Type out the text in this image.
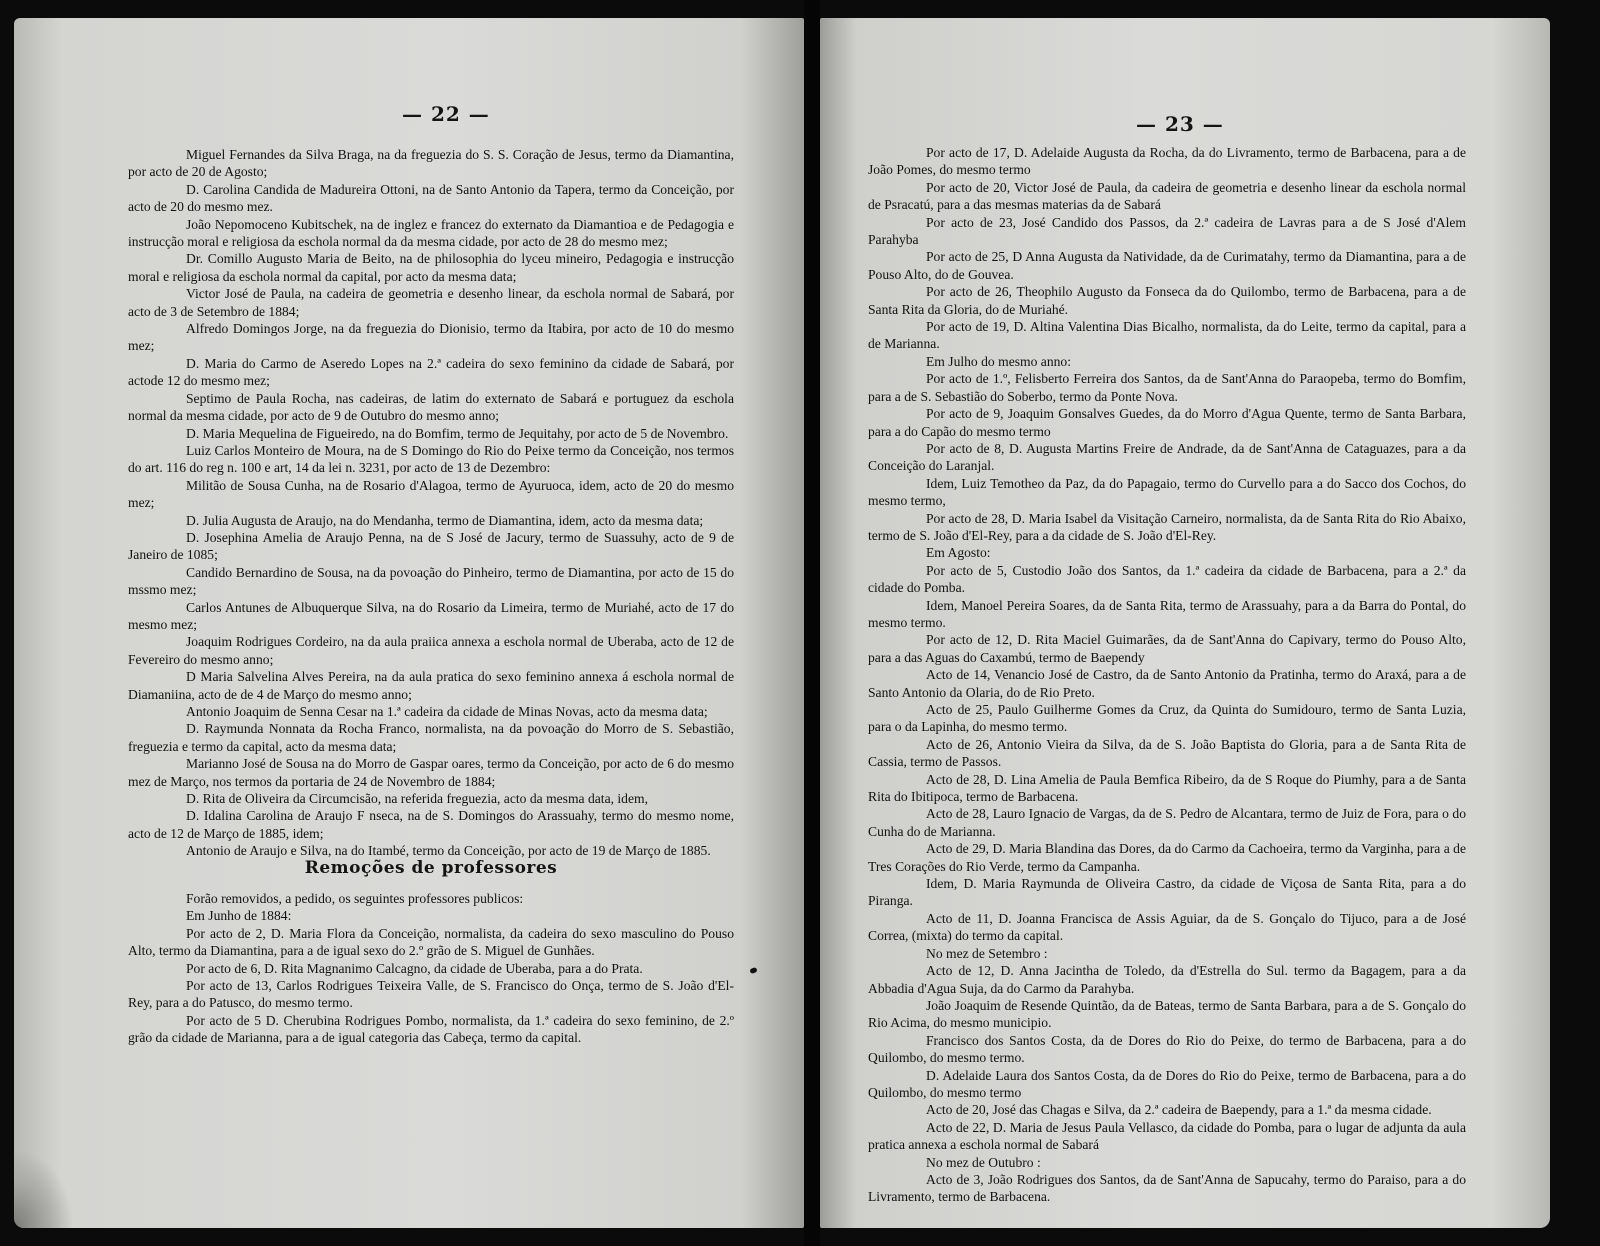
— 22 —

Miguel Fernandes da Silva Braga, na da freguezia do S. S. Coração de Jesus, termo da Diamantina, por acto de 20 de Agosto;

D. Carolina Candida de Madureira Ottoni, na de Santo Antonio da Tapera, termo da Conceição, por acto de 20 do mesmo mez.

João Nepomoceno Kubitschek, na de inglez e francez do externato da Diamantioa e de Pedagogia e instrucção moral e religiosa da escholа normal da da mesma cidade, por acto de 28 do mesmo mez;

Dr. Comillo Augusto Maria de Beito, na de philosophia do lyceu mineiro, Pedagogia e instrucção moral e religiosa da eschola normal da capital, por acto da mesma data;

Victor José de Paula, na cadeira de geometria e desenho linear, da eschola normal de Sabará, por acto de 3 de Setembro de 1884;

Alfredo Domingos Jorge, na da freguezia do Dionisio, termo da Itabira, por acto de 10 do mesmo mez;

D. Maria do Carmo de Aseredo Lopes na 2.ª cadeira do sexo feminino da cidade de Sabará, por actode 12 do mesmo mez;

Septimo de Paula Rocha, nas cadeiras, de latim do externato de Sabará e portuguez da eschola normal da mesma cidade, por acto de 9 de Outubro do mesmo anno;

D. Maria Mequelina de Figueiredo, na do Bomfim, termo de Jequitahy, por acto de 5 de Novembro.

Luiz Carlos Monteiro de Moura, na de S Domingo do Rio do Peixe termo da Conceição, nos termos do art. 116 do reg n. 100 e art, 14 da lei n. 3231, por acto de 13 de Dezembro:

Militão de Sousa Cunha, na de Rosario d'Alagoa, termo de Ayuruoca, idem, acto de 20 do mesmo mez;

D. Julia Augusta de Araujo, na do Mendanha, termo de Diamantina, idem, acto da mesma data;

D. Josephina Amelia de Araujo Penna, na de S José de Jacury, termo de Suassuhy, acto de 9 de Janeiro de 1085;

Candido Bernardino de Sousa, na da povoação do Pinheiro, termo de Diamantina, por acto de 15 do mssmo mez;

Carlos Antunes de Albuquerque Silva, na do Rosario da Limeira, termo de Muriahé, acto de 17 do mesmo mez;

Joaquim Rodrigues Cordeiro, na da aula praiica annexa a eschola normal de Uberaba, acto de 12 de Fevereiro do mesmo anno;

D Maria Salvelina Alves Pereira, na da aula pratica do sexo feminino annexa á eschola normal de Diamaniina, acto de de 4 de Março do mesmo anno;

Antonio Joaquim de Senna Cesar na 1.ª cadeira da cidade de Minas Novas, acto da mesma data;

D. Raymunda Nonnata da Rocha Franco, normalista, na da povoação do Morro de S. Sebastião, freguezia e termo da capital, acto da mesma data;

Marianno José de Sousa na do Morro de Gaspar oares, termo da Conceição, por acto de 6 do mesmo mez de Março, nos termos da portaria de 24 de Novembro de 1884;

D. Rita de Oliveira da Circumcisão, na referida freguezia, acto da mesma data, idem,

D. Idalina Carolina de Araujo F nseca, na de S. Domingos do Arassuahy, termo do mesmo nome, acto de 12 de Março de 1885, idem;

Antonio de Araujo e Silva, na do Itambé, termo da Conceição, por acto de 19 de Março de 1885.

Remoções de professores

Forão removidos, a pedido, os seguintes professores publicos:

Em Junho de 1884:

Por acto de 2, D. Maria Flora da Conceição, normalista, da cadeira do sexo masculino do Pouso Alto, termo da Diamantina, para a de igual sexo do 2.º grão de S. Miguel de Gunhães.

Por acto de 6, D. Rita Magnanimo Calcagno, da cidade de Uberaba, para a do Prata.

Por acto de 13, Carlos Rodrigues Teixeira Valle, de S. Francisco do Onça, termo de S. João d'El-Rey, para a do Patusco, do mesmo termo.

Por acto de 5 D. Cherubina Rodrigues Pombo, normalista, da 1.ª cadeira do sexo feminino, de 2.º grão da cidade de Marianna, para a de igual categoria das Cabeça, termo da capital.

— 23 —

Por acto de 17, D. Adelaide Augusta da Rocha, da do Livramento, termo de Barbacena, para a de João Pomes, do mesmo termo

Por acto de 20, Victor José de Paula, da cadeira de geometria e desenho linear da eschola normal de Psracatú, para a das mesmas materias da de Sabará

Por acto de 23, José Candido dos Passos, da 2.ª cadeira de Lavras para a de S José d'Alem Parahyba

Por acto de 25, D Anna Augusta da Natividade, da de Curimatahy, termo da Diamantina, para a de Pouso Alto, do de Gouvea.

Por acto de 26, Theophilo Augusto da Fonseca da do Quilombo, termo de Barbacena, para a de Santa Rita da Gloria, do de Muriahé.

Por acto de 19, D. Altina Valentina Dias Bicalho, normalista, da do Leite, termo da capital, para a de Marianna.

Em Julho do mesmo anno:

Por acto de 1.º, Felisberto Ferreira dos Santos, da de Sant'Anna do Paraopeba, termo do Bomfim, para a de S. Sebastião do Soberbo, termo da Ponte Nova.

Por acto de 9, Joaquim Gonsalves Guedes, da do Morro d'Agua Quente, termo de Santa Barbara, para a do Capão do mesmo termo

Por acto de 8, D. Augusta Martins Freire de Andrade, da de Sant'Anna de Cataguazes, para a da Conceição do Laranjal.

Idem, Luiz Temotheo da Paz, da do Papagaio, termo do Curvello para a do Sacco dos Cochos, do mesmo termo,

Por acto de 28, D. Maria Isabel da Visitação Carneiro, normalista, da de Santa Rita do Rio Abaixo, termo de S. João d'El-Rey, para a da cidade de S. João d'El-Rey.

Em Agosto:

Por acto de 5, Custodio João dos Santos, da 1.ª cadeira da cidade de Barbacena, para a 2.ª da cidade do Pomba.

Idem, Manoel Pereira Soares, da de Santa Rita, termo de Arassuahy, para a da Barra do Pontal, do mesmo termo.

Por acto de 12, D. Rita Maciel Guimarães, da de Sant'Anna do Capivary, termo do Pouso Alto, para a das Aguas do Caxambú, termo de Baependy

Acto de 14, Venancio José de Castro, da de Santo Antonio da Pratinha, termo do Araxá, para a de Santo Antonio da Olaria, do de Rio Preto.

Acto de 25, Paulo Guilherme Gomes da Cruz, da Quinta do Sumidouro, termo de Santa Luzia, para o da Lapinha, do mesmo termo.

Acto de 26, Antonio Vieira da Silva, da de S. João Baptista do Gloria, para a de Santa Rita de Cassia, termo de Passos.

Acto de 28, D. Lina Amelia de Paula Bemfica Ribeiro, da de S Roque do Piumhy, para a de Santa Rita do Ibitipoca, termo de Barbacena.

Acto de 28, Lauro Ignacio de Vargas, da de S. Pedro de Alcantara, termo de Juiz de Fora, para o do Cunha do de Marianna.

Acto de 29, D. Maria Blandina das Dores, da do Carmo da Cachoeira, termo da Varginha, para a de Tres Corações do Rio Verde, termo da Campanha.

Idem, D. Maria Raymunda de Oliveira Castro, da cidade de Viçosa de Santa Rita, para a do Piranga.

Acto de 11, D. Joanna Francisca de Assis Aguiar, da de S. Gonçalo do Tijuco, para a de José Correa, (mixta) do termo da capital.

No mez de Setembro :

Acto de 12, D. Anna Jacintha de Toledo, da d'Estrella do Sul. termo da Bagagem, para a da Abbadia d'Agua Suja, da do Carmo da Parahyba.

João Joaquim de Resende Quintão, da de Bateas, termo de Santa Barbara, para a de S. Gonçalo do Rio Acima, do mesmo municipio.

Francisco dos Santos Costa, da de Dores do Rio do Peixe, do termo de Barbacena, para a do Quilombo, do mesmo termo.

D. Adelaide Laura dos Santos Costa, da de Dores do Rio do Peixe, termo de Barbacena, para a do Quilombo, do mesmo termo

Acto de 20, José das Chagas e Silva, da 2.ª cadeira de Baependy, para a 1.ª da mesma cidade.

Acto de 22, D. Maria de Jesus Paula Vellasco, da cidade do Pomba, para o lugar de adjunta da aula pratica annexa a eschola normal de Sabará

No mez de Outubro :

Acto de 3, João Rodrigues dos Santos, da de Sant'Anna de Sapucahy, termo do Paraiso, para a do Livramento, termo de Barbacena.
